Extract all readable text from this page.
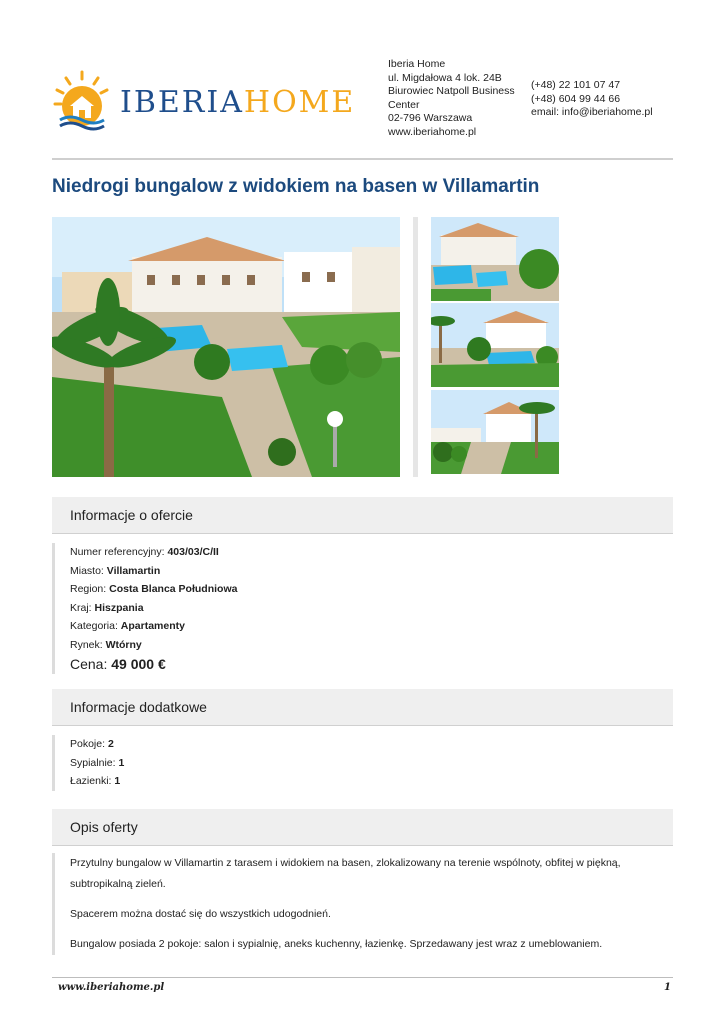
IBERIAHOME
Iberia Home
ul. Migdałowa 4 lok. 24B
Biurowiec Natpoll Business Center
02-796 Warszawa
www.iberiahome.pl
(+48) 22 101 07 47
(+48) 604 99 44 66
email: info@iberiahome.pl
Niedrogi bungalow z widokiem na basen w Villamartin
Informacje o ofercie
Numer referencyjny: 403/03/C/II
Miasto: Villamartin
Region: Costa Blanca Południowa
Kraj: Hiszpania
Kategoria: Apartamenty
Rynek: Wtórny
Cena: 49 000 €
Informacje dodatkowe
Pokoje: 2
Sypialnie: 1
Łazienki: 1
Opis oferty

Przytulny bungalow w Villamartin z tarasem i widokiem na basen, zlokalizowany na terenie wspólnoty, obfitej w piękną, subtropikalną zieleń.

Spacerem można dostać się do wszystkich udogodnień.

Bungalow posiada 2 pokoje: salon i sypialnię, aneks kuchenny, łazienkę. Sprzedawany jest wraz z umeblowaniem.

www.iberiahome.pl	1
